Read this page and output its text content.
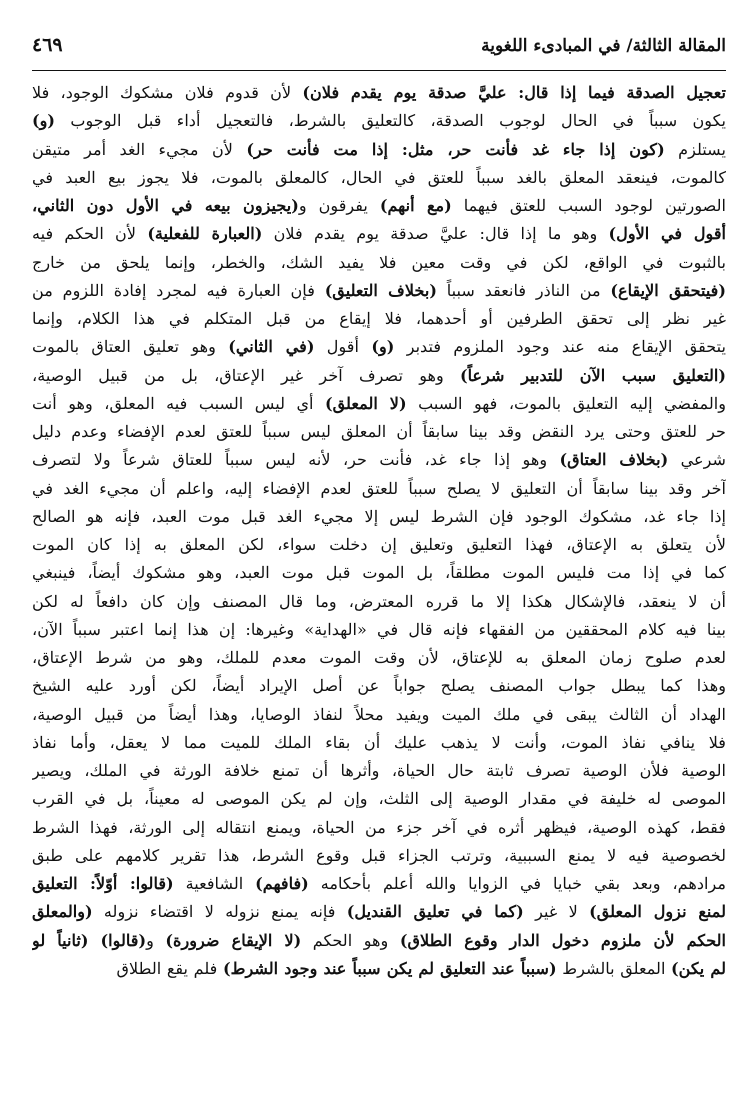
المقالة الثالثة/ في المبادىء اللغوية
٤٦٩
تعجيل الصدقة فيما إذا قال: عليَّ صدقة يوم يقدم فلان) لأن قدوم فلان مشكوك الوجود، فلا
يكون سبباً في الحال لوجوب الصدقة، كالتعليق بالشرط، فالتعجيل أداء قبل الوجوب (و)
يستلزم (كون إذا جاء غد فأنت حر، مثل: إذا مت فأنت حر) لأن مجيء الغد أمر متيقن
كالموت، فينعقد المعلق بالغد سبباً للعتق في الحال، كالمعلق بالموت، فلا يجوز بيع العبد في
الصورتين لوجود السبب للعتق فيهما (مع أنهم) يفرقون و(يجيزون بيعه في الأول دون الثاني،
أقول في الأول) وهو ما إذا قال: عليَّ صدقة يوم يقدم فلان (العبارة للفعلية) لأن الحكم فيه
بالثبوت في الواقع، لكن في وقت معين فلا يفيد الشك، والخطر، وإنما يلحق من خارج
(فيتحقق الإيقاع) من الناذر فانعقد سبباً (بخلاف التعليق) فإن العبارة فيه لمجرد إفادة اللزوم من
غير نظر إلى تحقق الطرفين أو أحدهما، فلا إيقاع من قبل المتكلم في هذا الكلام، وإنما
يتحقق الإيقاع منه عند وجود الملزوم فتدبر (و) أقول (في الثاني) وهو تعليق العتاق بالموت
(التعليق سبب الآن للتدبير شرعاً) وهو تصرف آخر غير الإعتاق، بل من قبيل الوصية،
والمفضي إليه التعليق بالموت، فهو السبب (لا المعلق) أي ليس السبب فيه المعلق، وهو أنت
حر للعتق وحتى يرد النقض وقد بينا سابقاً أن المعلق ليس سبباً للعتق لعدم الإفضاء وعدم دليل
شرعي (بخلاف العتاق) وهو إذا جاء غد، فأنت حر، لأنه ليس سبباً للعتاق شرعاً ولا لتصرف
آخر وقد بينا سابقاً أن التعليق لا يصلح سبباً للعتق لعدم الإفضاء إليه، واعلم أن مجيء الغد في
إذا جاء غد، مشكوك الوجود فإن الشرط ليس إلا مجيء الغد قبل موت العبد، فإنه هو الصالح
لأن يتعلق به الإعتاق، فهذا التعليق وتعليق إن دخلت سواء، لكن المعلق به إذا كان الموت
كما في إذا مت فليس الموت مطلقاً، بل الموت قبل موت العبد، وهو مشكوك أيضاً، فينبغي
أن لا ينعقد، فالإشكال هكذا إلا ما قرره المعترض، وما قال المصنف وإن كان دافعاً له لكن
بينا فيه كلام المحققين من الفقهاء فإنه قال في «الهداية» وغيرها: إن هذا إنما اعتبر سبباً الآن،
لعدم صلوح زمان المعلق به للإعتاق، لأن وقت الموت معدم للملك، وهو من شرط الإعتاق،
وهذا كما يبطل جواب المصنف يصلح جواباً عن أصل الإيراد أيضاً، لكن أورد عليه الشيخ
الهداد أن الثالث يبقى في ملك الميت ويفيد محلاً لنفاذ الوصايا، وهذا أيضاً من قبيل الوصية،
فلا ينافي نفاذ الموت، وأنت لا يذهب عليك أن بقاء الملك للميت مما لا يعقل، وأما نفاذ
الوصية فلأن الوصية تصرف ثابتة حال الحياة، وأثرها أن تمنع خلافة الورثة في الملك، ويصير
الموصى له خليفة في مقدار الوصية إلى الثلث، وإن لم يكن الموصى له معيناً، بل في القرب
فقط، كهذه الوصية، فيظهر أثره في آخر جزء من الحياة، ويمنع انتقاله إلى الورثة، فهذا الشرط
لخصوصية فيه لا يمنع السببية، وترتب الجزاء قبل وقوع الشرط، هذا تقرير كلامهم على طبق
مرادهم، وبعد بقي خبايا في الزوايا والله أعلم بأحكامه (فافهم) الشافعية (قالوا: أوّلاً: التعليق
لمنع نزول المعلق) لا غير (كما في تعليق القنديل) فإنه يمنع نزوله لا اقتضاء نزوله (والمعلق
الحكم لأن ملزوم دخول الدار وقوع الطلاق) وهو الحكم (لا الإيقاع ضرورة) و(قالوا) (ثانياً لو
لم يكن) المعلق بالشرط (سبباً عند التعليق لم يكن سبباً عند وجود الشرط) فلم يقع الطلاق
